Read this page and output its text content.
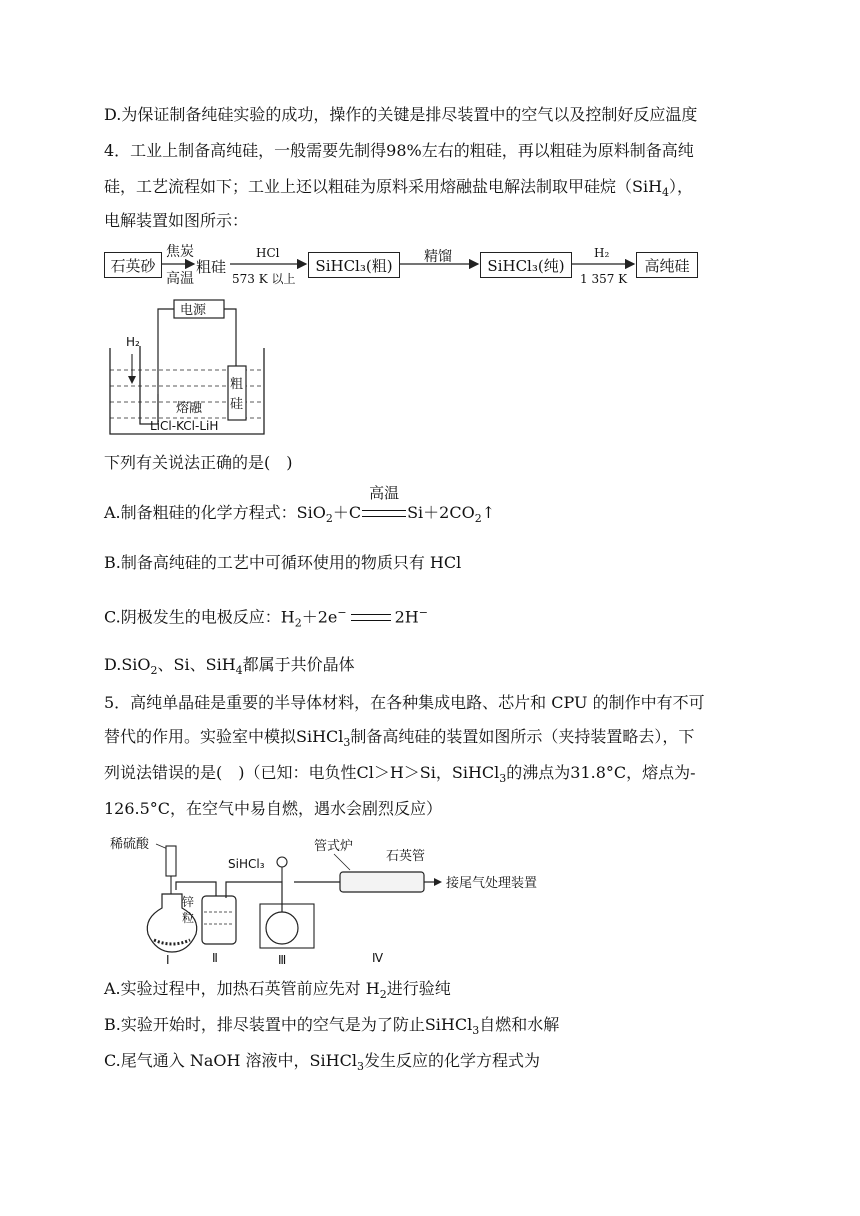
D.为保证制备纯硅实验的成功，操作的关键是排尽装置中的空气以及控制好反应温度
4．工业上制备高纯硅，一般需要先制得98%左右的粗硅，再以粗硅为原料制备高纯
硅，工艺流程如下；工业上还以粗硅为原料采用熔融盐电解法制取甲硅烷（SiH$_4$），
电解装置如图所示：
石英砂
焦炭
高温
粗硅
HCl
573 K 以上
SiHCl₃(粗)	精馏	SiHCl₃(纯)
H₂
1 357 K
高纯硅
电源
H₂
粗
硅
熔融
LiCl-KCl-LiH
下列有关说法正确的是(　)
A.制备粗硅的化学方程式：SiO$_2$＋C
高温
$Si+2CO_2↑$
B.制备高纯硅的工艺中可循环使用的物质只有 HCl
C.阴极发生的电极反应：$H_2+2e^-$	2H−
D.SiO$_2$、Si、SiH$_4$都属于共价晶体
5．高纯单晶硅是重要的半导体材料，在各种集成电路、芯片和 CPU 的制作中有不可
替代的作用。实验室中模拟SiHCl$_3$制备高纯硅的装置如图所示（夹持装置略去），下
列说法错误的是(　)（已知：电负性Cl＞H＞Si，SiHCl$_3$的沸点为31.8°C，熔点为-
126.5°C，在空气中易自燃，遇水会剧烈反应）
稀硫酸
锌
粒
SiHCl₃
管式炉
石英管
接尾气处理装置
Ⅰ	Ⅱ	Ⅲ	Ⅳ
A.实验过程中，加热石英管前应先对 $H_2$进行验纯
B.实验开始时，排尽装置中的空气是为了防止SiHCl$_3$自燃和水解
C.尾气通入 NaOH 溶液中，SiHCl$_3$发生反应的化学方程式为
